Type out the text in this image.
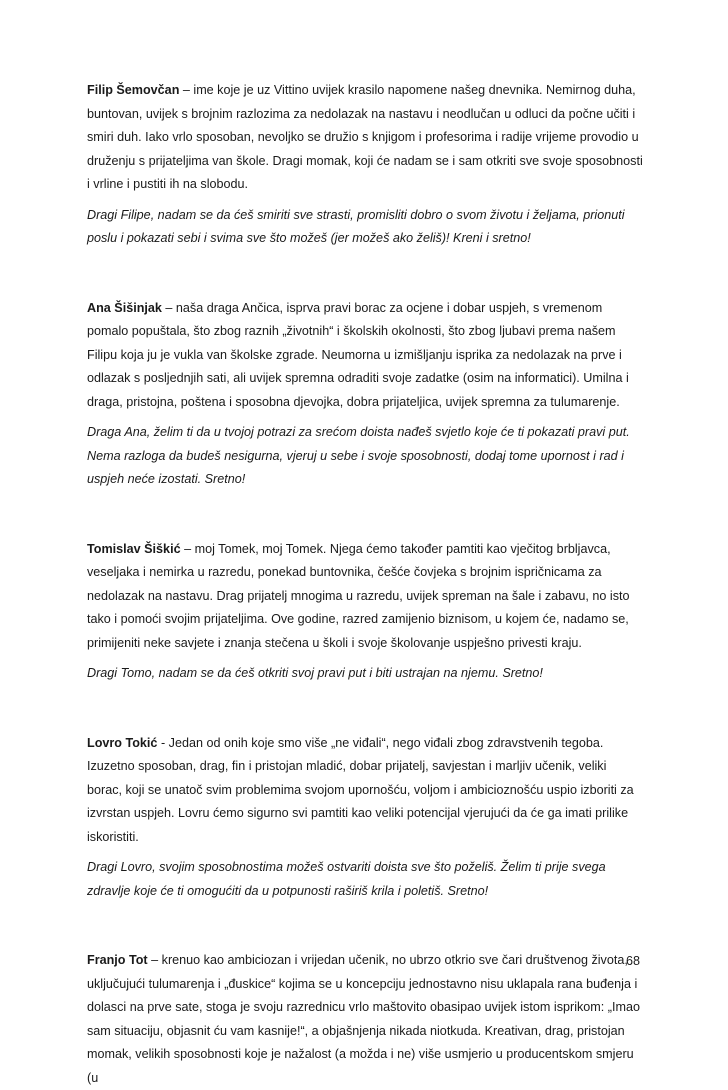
Filip Šemovčan – ime koje je uz Vittino uvijek krasilo napomene našeg dnevnika. Nemirnog duha, buntovan, uvijek s brojnim razlozima za nedolazak na nastavu i neodlučan u odluci da počne učiti i smiri duh. Iako vrlo sposoban, nevoljko se družio s knjigom i profesorima i radije vrijeme provodio u druženju s prijateljima van škole. Dragi momak, koji će nadam se i sam otkriti sve svoje sposobnosti i vrline i pustiti ih na slobodu.

Dragi Filipe, nadam se da ćeš smiriti sve strasti, promisliti dobro o svom životu i željama, prionuti poslu i pokazati sebi i svima sve što možeš (jer možeš ako želiš)! Kreni i sretno!

Ana Šišinjak – naša draga Ančica, isprva pravi borac za ocjene i dobar uspjeh, s vremenom pomalo popuštala, što zbog raznih „životnih“ i školskih okolnosti, što zbog ljubavi prema našem Filipu koja ju je vukla van školske zgrade. Neumorna u izmišljanju isprika za nedolazak na prve i odlazak s posljednjih sati, ali uvijek spremna odraditi svoje zadatke (osim na informatici). Umilna i draga, pristojna, poštena i sposobna djevojka, dobra prijateljica, uvijek spremna za tulumarenje.

Draga Ana, želim ti da u tvojoj potrazi za srećom doista nađeš svjetlo koje će ti pokazati pravi put. Nema razloga da budeš nesigurna, vjeruj u sebe i svoje sposobnosti, dodaj tome upornost i rad i uspjeh neće izostati. Sretno!

Tomislav Šiškić – moj Tomek, moj Tomek. Njega ćemo također pamtiti kao vječitog brbljavca, veseljaka i nemirka u razredu, ponekad buntovnika, češće čovjeka s brojnim ispričnicama za nedolazak na nastavu. Drag prijatelj mnogima u razredu, uvijek spreman na šale i zabavu, no isto tako i pomoći svojim prijateljima. Ove godine, razred zamijenio biznisom, u kojem će, nadamo se, primijeniti neke savjete i znanja stečena u školi i svoje školovanje uspješno privesti kraju.

Dragi Tomo, nadam se da ćeš otkriti svoj pravi put i biti ustrajan na njemu. Sretno!

Lovro Tokić - Jedan od onih koje smo više „ne viđali“, nego viđali zbog zdravstvenih tegoba. Izuzetno sposoban, drag, fin i pristojan mladić, dobar prijatelj, savjestan i marljiv učenik, veliki borac, koji se unatoč svim problemima svojom upornošću, voljom i ambicioznošću uspio izboriti za izvrstan uspjeh. Lovru ćemo sigurno svi pamtiti kao veliki potencijal vjerujući da će ga imati prilike iskoristiti.

Dragi Lovro, svojim sposobnostima možeš ostvariti doista sve što poželiš. Želim ti prije svega zdravlje koje će ti omogućiti da u potpunosti raširiš krila i poletiš. Sretno!

Franjo Tot – krenuo kao ambiciozan i vrijedan učenik, no ubrzo otkrio sve čari društvenog života, uključujući tulumarenja i „đuskice“ kojima se u koncepciju jednostavno nisu uklapala rana buđenja i dolasci na prve sate, stoga je svoju razrednicu vrlo maštovito obasipao uvijek istom isprikom: „Imao sam situaciju, objasnit ću vam kasnije!“, a objašnjenja nikada niotkuda. Kreativan, drag, pristojan momak, velikih sposobnosti koje je nažalost (a možda i ne) više usmjerio u producentskom smjeru (u

68
